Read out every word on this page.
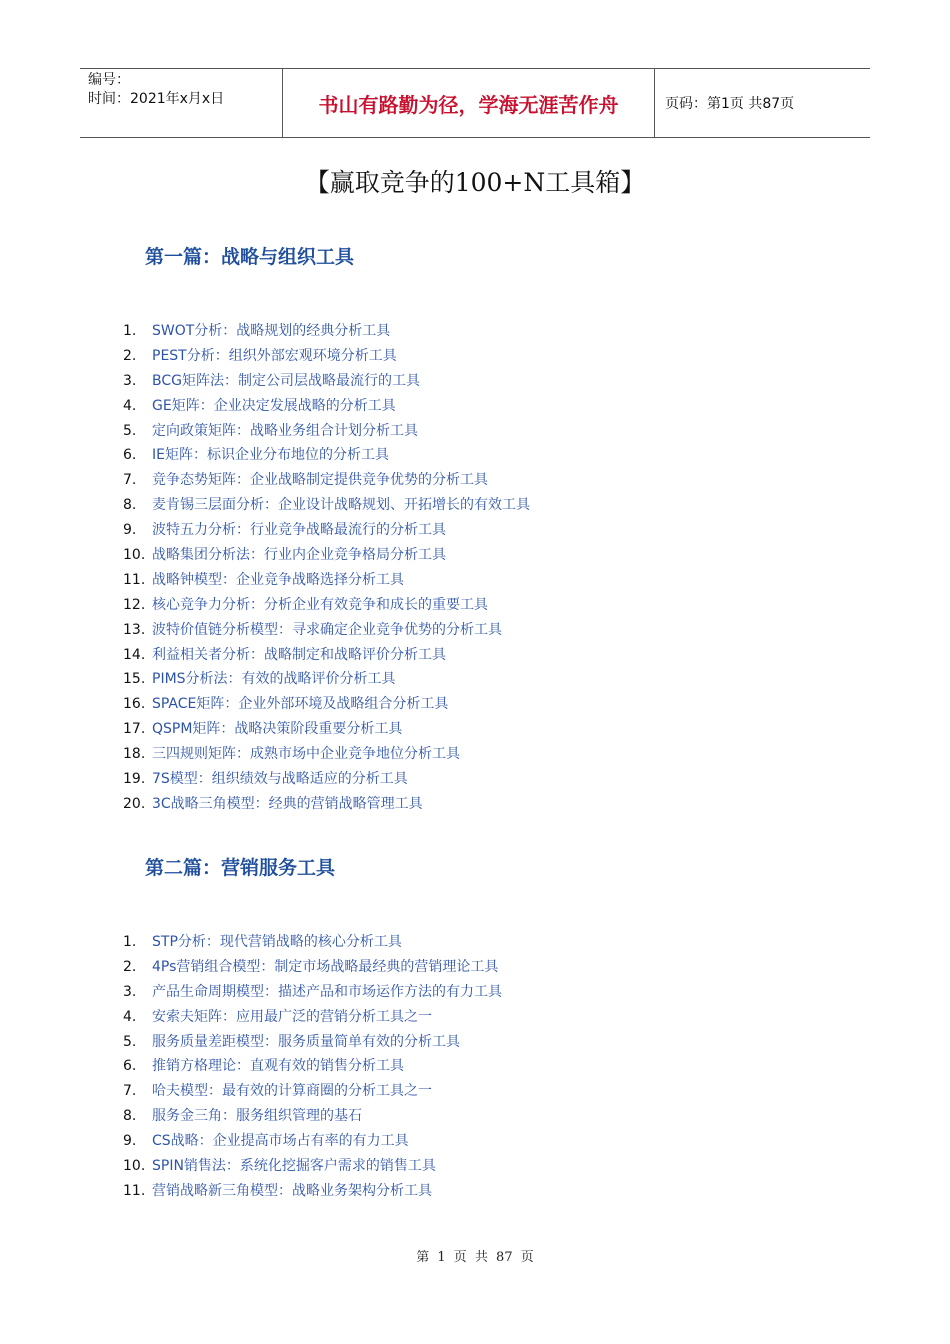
编号：
时间：2021年x月x日	书山有路勤为径，学海无涯苦作舟	页码：第1页 共87页
【赢取竞争的100+N工具箱】
第一篇：战略与组织工具
1. SWOT分析：战略规划的经典分析工具
2. PEST分析：组织外部宏观环境分析工具
3. BCG矩阵法：制定公司层战略最流行的工具
4. GE矩阵：企业决定发展战略的分析工具
5. 定向政策矩阵：战略业务组合计划分析工具
6. IE矩阵：标识企业分布地位的分析工具
7. 竞争态势矩阵：企业战略制定提供竞争优势的分析工具
8. 麦肯锡三层面分析：企业设计战略规划、开拓增长的有效工具
9. 波特五力分析：行业竞争战略最流行的分析工具
10. 战略集团分析法：行业内企业竞争格局分析工具
11. 战略钟模型：企业竞争战略选择分析工具
12. 核心竞争力分析：分析企业有效竞争和成长的重要工具
13. 波特价值链分析模型：寻求确定企业竞争优势的分析工具
14. 利益相关者分析：战略制定和战略评价分析工具
15. PIMS分析法：有效的战略评价分析工具
16. SPACE矩阵：企业外部环境及战略组合分析工具
17. QSPM矩阵：战略决策阶段重要分析工具
18. 三四规则矩阵：成熟市场中企业竞争地位分析工具
19. 7S模型：组织绩效与战略适应的分析工具
20. 3C战略三角模型：经典的营销战略管理工具
第二篇：营销服务工具
1. STP分析：现代营销战略的核心分析工具
2. 4Ps营销组合模型：制定市场战略最经典的营销理论工具
3. 产品生命周期模型：描述产品和市场运作方法的有力工具
4. 安索夫矩阵：应用最广泛的营销分析工具之一
5. 服务质量差距模型：服务质量简单有效的分析工具
6. 推销方格理论：直观有效的销售分析工具
7. 哈夫模型：最有效的计算商圈的分析工具之一
8. 服务金三角：服务组织管理的基石
9. CS战略：企业提高市场占有率的有力工具
10. SPIN销售法：系统化挖掘客户需求的销售工具
11. 营销战略新三角模型：战略业务架构分析工具
第 1 页 共 87 页
